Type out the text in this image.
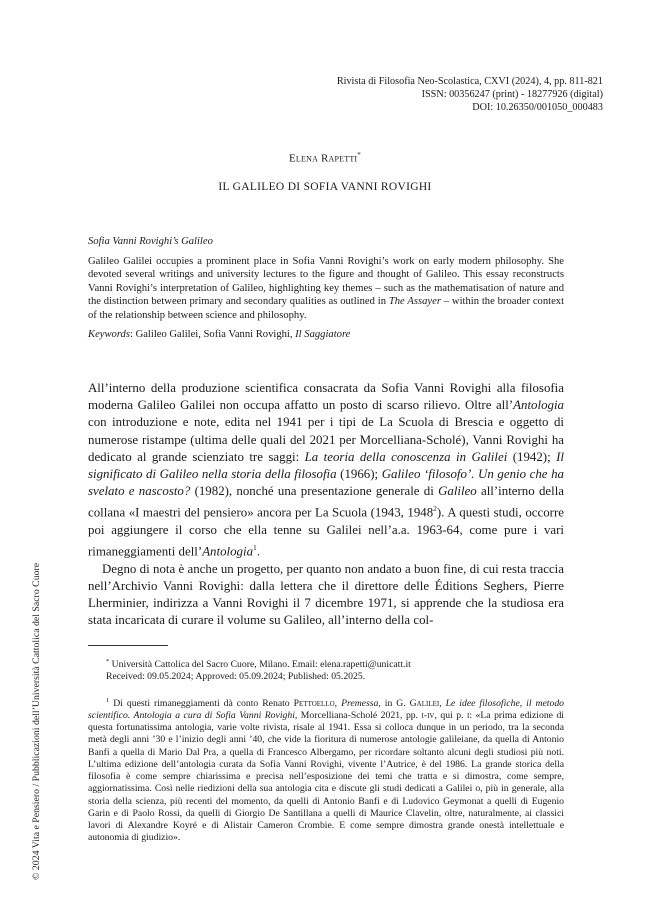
Rivista di Filosofia Neo-Scolastica, CXVI (2024), 4, pp. 811-821
ISSN: 00356247 (print) - 18277926 (digital)
DOI: 10.26350/001050_000483
Elena Rapetti*
IL GALILEO DI SOFIA VANNI ROVIGHI
Sofia Vanni Rovighi’s Galileo

Galileo Galilei occupies a prominent place in Sofia Vanni Rovighi’s work on early modern philosophy. She devoted several writings and university lectures to the figure and thought of Galileo. This essay reconstructs Vanni Rovighi’s interpretation of Galileo, highlighting key themes – such as the mathematisation of nature and the distinction between primary and secondary qualities as outlined in The Assayer – within the broader context of the relationship between science and philosophy.

Keywords: Galileo Galilei, Sofia Vanni Rovighi, Il Saggiatore

All’interno della produzione scientifica consacrata da Sofia Vanni Rovighi alla filosofia moderna Galileo Galilei non occupa affatto un posto di scarso rilievo. Oltre all’Antologia con introduzione e note, edita nel 1941 per i tipi de La Scuola di Brescia e oggetto di numerose ristampe (ultima delle quali del 2021 per Morcelliana-Scholé), Vanni Rovighi ha dedicato al grande scienziato tre saggi: La teoria della conoscenza in Galilei (1942); Il significato di Galileo nella storia della filosofia (1966); Galileo ‘filosofo’. Un genio che ha svelato e nascosto? (1982), nonché una presentazione generale di Galileo all’interno della collana «I maestri del pensiero» ancora per La Scuola (1943, 1948$^2$). A questi studi, occorre poi aggiungere il corso che ella tenne su Galilei nell’a.a. 1963-64, come pure i vari rimaneggiamenti dell’Antologia$^1$.

Degno di nota è anche un progetto, per quanto non andato a buon fine, di cui resta traccia nell’Archivio Vanni Rovighi: dalla lettera che il direttore delle Éditions Seghers, Pierre Lherminier, indirizza a Vanni Rovighi il 7 dicembre 1971, si apprende che la studiosa era stata incaricata di curare il volume su Galileo, all’interno della col-

* Università Cattolica del Sacro Cuore, Milano. Email: elena.rapetti@unicatt.it

Received: 09.05.2024; Approved: 05.09.2024; Published: 05.2025.

$^1$ Di questi rimaneggiamenti dà conto Renato Pettoello, Premessa, in G. Galilei, Le idee filosofiche, il metodo scientifico. Antologia a cura di Sofia Vanni Rovighi, Morcelliana-Scholé 2021, pp. i-iv, qui p. i: «La prima edizione di questa fortunatissima antologia, varie volte rivista, risale al 1941. Essa si colloca dunque in un periodo, tra la seconda metà degli anni ’30 e l’inizio degli anni ’40, che vide la fioritura di numerose antologie galileiane, da quella di Antonio Banfi a quella di Mario Dal Pra, a quella di Francesco Albergamo, per ricordare soltanto alcuni degli studiosi più noti. L’ultima edizione dell’antologia curata da Sofia Vanni Rovighi, vivente l’Autrice, è del 1986. La grande storica della filosofia è come sempre chiarissima e precisa nell’esposizione dei temi che tratta e si dimostra, come sempre, aggiornatissima. Così nelle riedizioni della sua antologia cita e discute gli studi dedicati a Galilei o, più in generale, alla storia della scienza, più recenti del momento, da quelli di Antonio Banfi e di Ludovico Geymonat a quelli di Eugenio Garin e di Paolo Rossi, da quelli di Giorgio De Santillana a quelli di Maurice Clavelin, oltre, naturalmente, ai classici lavori di Alexandre Koyré e di Alistair Cameron Crombie. E come sempre dimostra grande onestà intellettuale e autonomia di giudizio».

© 2024 Vita e Pensiero / Pubblicazioni dell’Università Cattolica del Sacro Cuore
